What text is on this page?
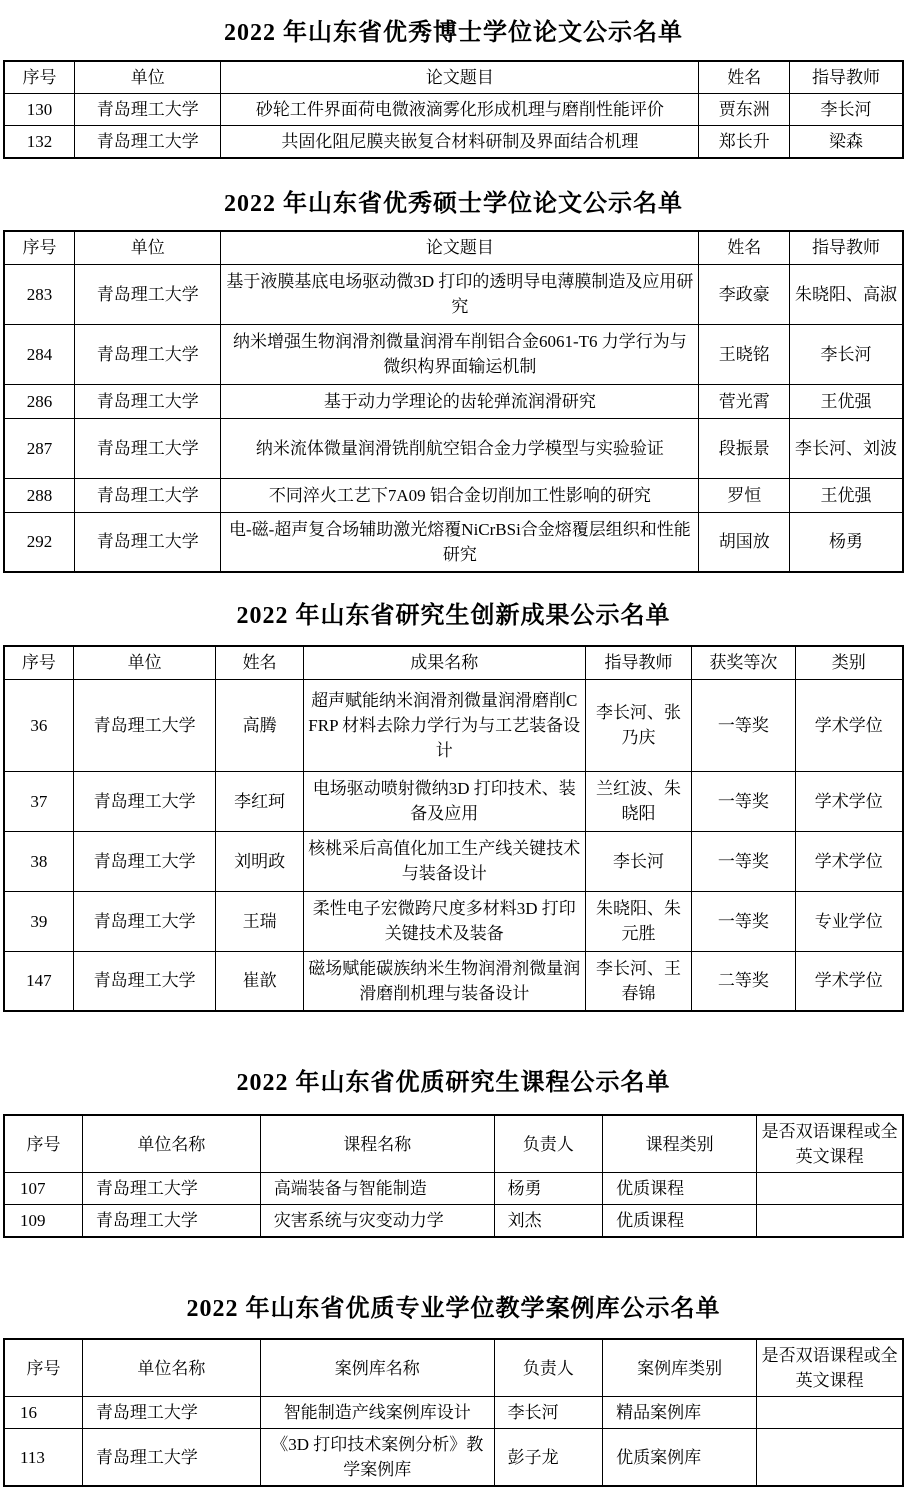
2022 年山东省优秀博士学位论文公示名单
序号	单位	论文题目	姓名	指导教师
130	青岛理工大学	砂轮工件界面荷电微液滴雾化形成机理与磨削性能评价	贾东洲	李长河
132	青岛理工大学	共固化阻尼膜夹嵌复合材料研制及界面结合机理	郑长升	梁森
2022 年山东省优秀硕士学位论文公示名单
序号	单位	论文题目	姓名	指导教师
283	青岛理工大学	基于液膜基底电场驱动微3D 打印的透明导电薄膜制造及应用研究	李政豪	朱晓阳、高淑
284	青岛理工大学	纳米增强生物润滑剂微量润滑车削铝合金6061-T6 力学行为与微织构界面输运机制	王晓铭	李长河
286	青岛理工大学	基于动力学理论的齿轮弹流润滑研究	菅光霄	王优强
287	青岛理工大学	纳米流体微量润滑铣削航空铝合金力学模型与实验验证	段振景	李长河、刘波
288	青岛理工大学	不同淬火工艺下7A09 铝合金切削加工性影响的研究	罗恒	王优强
292	青岛理工大学	电-磁-超声复合场辅助激光熔覆NiCrBSi合金熔覆层组织和性能研究	胡国放	杨勇
2022 年山东省研究生创新成果公示名单
序号	单位	姓名	成果名称	指导教师	获奖等次	类别
36	青岛理工大学	高腾	超声赋能纳米润滑剂微量润滑磨削CFRP 材料去除力学行为与工艺装备设计	李长河、张乃庆	一等奖	学术学位
37	青岛理工大学	李红珂	电场驱动喷射微纳3D 打印技术、装备及应用	兰红波、朱晓阳	一等奖	学术学位
38	青岛理工大学	刘明政	核桃采后高值化加工生产线关键技术与装备设计	李长河	一等奖	学术学位
39	青岛理工大学	王瑞	柔性电子宏微跨尺度多材料3D 打印关键技术及装备	朱晓阳、朱元胜	一等奖	专业学位
147	青岛理工大学	崔歆	磁场赋能碳族纳米生物润滑剂微量润滑磨削机理与装备设计	李长河、王春锦	二等奖	学术学位
2022 年山东省优质研究生课程公示名单
序号	单位名称	课程名称	负责人	课程类别	是否双语课程或全英文课程
107	青岛理工大学	高端装备与智能制造	杨勇	优质课程	
109	青岛理工大学	灾害系统与灾变动力学	刘杰	优质课程	
2022 年山东省优质专业学位教学案例库公示名单
序号	单位名称	案例库名称	负责人	案例库类别	是否双语课程或全英文课程
16	青岛理工大学	智能制造产线案例库设计	李长河	精品案例库	
113	青岛理工大学	《3D 打印技术案例分析》教学案例库	彭子龙	优质案例库	
